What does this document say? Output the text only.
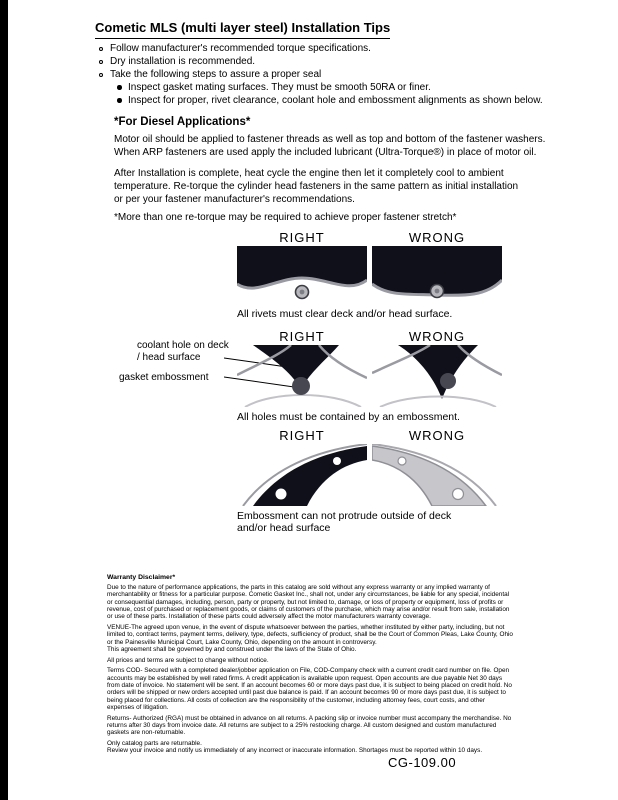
Cometic MLS (multi layer steel) Installation Tips
Follow manufacturer's recommended torque specifications.
Dry installation is recommended.
Take the following steps to assure a proper seal
Inspect gasket mating surfaces. They must be smooth 50RA or finer.
Inspect for proper, rivet clearance, coolant hole and embossment alignments as shown below.
*For Diesel Applications*
Motor oil should be applied to fastener threads as well as top and bottom of the fastener washers.
When ARP fasteners are used apply the included lubricant (Ultra-Torque®) in place of motor oil.
After Installation is complete, heat cycle the engine then let it completely cool to ambient
temperature. Re-torque the cylinder head fasteners in the same pattern as initial installation
or per your fastener manufacturer's recommendations.
*More than one re-torque may be required to achieve proper fastener stretch*
RIGHT	WRONG
All rivets must clear deck and/or head surface.
RIGHT	WRONG
coolant hole on deck / head surface
gasket embossment
All holes must be contained by an embossment.
RIGHT	WRONG
Embossment can not protrude outside of deck
and/or head surface
Warranty Disclaimer*

Due to the nature of performance applications, the parts in this catalog are sold without any express warranty or any implied warranty of merchantability or fitness for a particular purpose. Cometic Gasket Inc., shall not, under any circumstances, be liable for any special, incidental or consequential damages, including, person, party or property, but not limited to, damage, or loss of property or equipment, loss of profits or revenue, cost of purchased or replacement goods, or claims of customers of the purchase, which may arise and/or result from sale, installation or use of these parts. Installation of these parts could adversely affect the motor manufacturers warranty coverage.

VENUE-The agreed upon venue, in the event of dispute whatsoever between the parties, whether instituted by either party, including, but not limited to, contract terms, payment terms, delivery, type, defects, sufficiency of product, shall be the Court of Common Pleas, Lake County, Ohio or the Painesville Municipal Court, Lake County, Ohio, depending on the amount in controversy.
This agreement shall be governed by and construed under the laws of the State of Ohio.

All prices and terms are subject to change without notice.

Terms COD- Secured with a completed dealer/jobber application on File, COD-Company check with a current credit card number on file. Open accounts may be established by well rated firms. A credit application is available upon request. Open accounts are due payable Net 30 days from date of invoice. No statement will be sent. If an account becomes 60 or more days past due, it is subject to being placed on credit hold. No orders will be shipped or new orders accepted until past due balance is paid. If an account becomes 90 or more days past due, it is subject to being placed for collections. All costs of collection are the responsibility of the customer, including attorney fees, court costs, and other expenses of litigation.

Returns- Authorized (RGA) must be obtained in advance on all returns. A packing slip or invoice number must accompany the merchandise. No returns after 30 days from invoice date. All returns are subject to a 25% restocking charge. All custom designed and custom manufactured gaskets are non-returnable.

Only catalog parts are returnable.
Review your invoice and notify us immediately of any incorrect or inaccurate information. Shortages must be reported within 10 days.

CG-109.00
